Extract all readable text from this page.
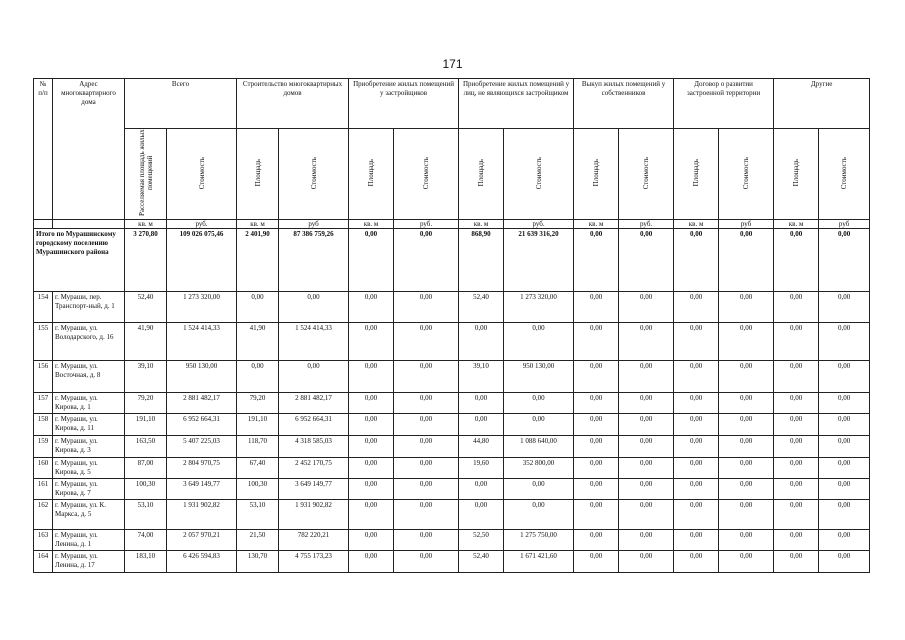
171
№ п/п	Адрес многоквартирного дома	Всего		Строительство многоквартирных домов		Приобретение жилых помещений у застройщиков		Приобретение жилых помещений у лиц, не являющихся застройщиком		Выкуп жилых помещений у собственников		Договор о развитии застроенной территории		Другие	
		Расселяемая площадь жилых помещений	Стоимость	Площадь	Стоимость	Площадь	Стоимость	Площадь	Стоимость	Площадь	Стоимость	Площадь	Стоимость	Площадь	Стоимость
		кв. м	руб.	кв. м	руб	кв. м	руб.	кв. м	руб.	кв. м	руб.	кв. м	руб	кв. м	руб
Итого по Мурашинскому городскому поселению Мурашинского района		3 270,80	109 026 075,46	2 401,90	87 386 759,26	0,00	0,00	868,90	21 639 316,20	0,00	0,00	0,00	0,00	0,00	0,00
154	г. Мураши, пер. Транспорт-ный, д. 1	52,40	1 273 320,00	0,00	0,00	0,00	0,00	52,40	1 273 320,00	0,00	0,00	0,00	0,00	0,00	0,00
155	г. Мураши, ул. Володарского, д. 16	41,90	1 524 414,33	41,90	1 524 414,33	0,00	0,00	0,00	0,00	0,00	0,00	0,00	0,00	0,00	0,00
156	г. Мураши, ул. Восточная, д. 8	39,10	950 130,00	0,00	0,00	0,00	0,00	39,10	950 130,00	0,00	0,00	0,00	0,00	0,00	0,00
157	г. Мураши, ул. Кирова, д. 1	79,20	2 881 482,17	79,20	2 881 482,17	0,00	0,00	0,00	0,00	0,00	0,00	0,00	0,00	0,00	0,00
158	г. Мураши, ул. Кирова, д. 11	191,10	6 952 664,31	191,10	6 952 664,31	0,00	0,00	0,00	0,00	0,00	0,00	0,00	0,00	0,00	0,00
159	г. Мураши, ул. Кирова, д. 3	163,50	5 407 225,03	118,70	4 318 585,03	0,00	0,00	44,80	1 088 640,00	0,00	0,00	0,00	0,00	0,00	0,00
160	г. Мураши, ул. Кирова, д. 5	87,00	2 804 970,75	67,40	2 452 170,75	0,00	0,00	19,60	352 800,00	0,00	0,00	0,00	0,00	0,00	0,00
161	г. Мураши, ул. Кирова, д. 7	100,30	3 649 149,77	100,30	3 649 149,77	0,00	0,00	0,00	0,00	0,00	0,00	0,00	0,00	0,00	0,00
162	г. Мураши, ул. К. Маркса, д. 5	53,10	1 931 902,82	53,10	1 931 902,82	0,00	0,00	0,00	0,00	0,00	0,00	0,00	0,00	0,00	0,00
163	г. Мураши, ул. Ленина, д. 1	74,00	2 057 970,21	21,50	782 220,21	0,00	0,00	52,50	1 275 750,00	0,00	0,00	0,00	0,00	0,00	0,00
164	г. Мураши, ул. Ленина, д. 17	183,10	6 426 594,83	130,70	4 755 173,23	0,00	0,00	52,40	1 671 421,60	0,00	0,00	0,00	0,00	0,00	0,00
